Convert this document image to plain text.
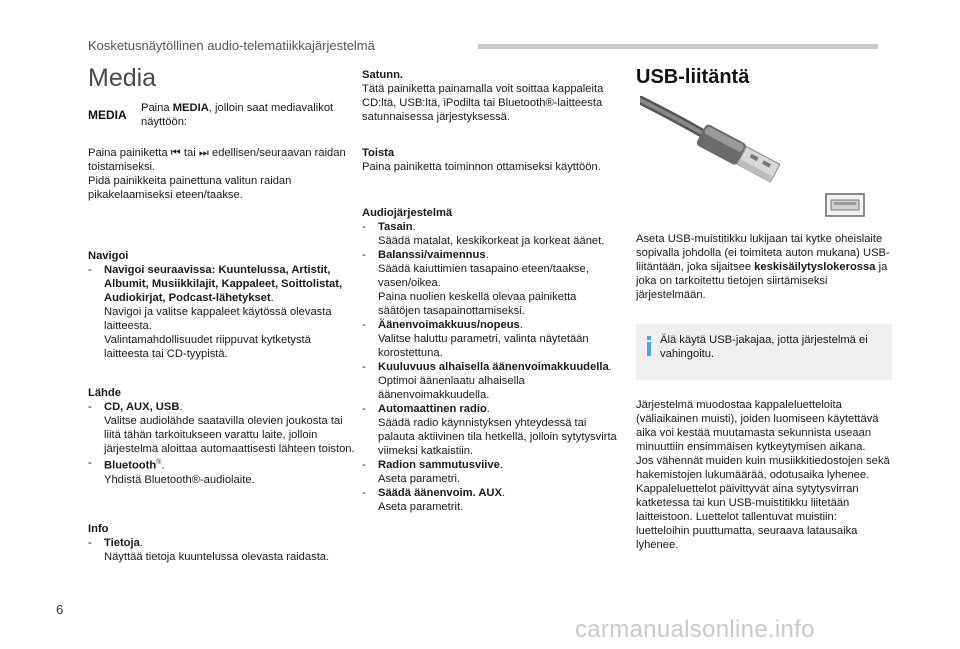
Kosketusnäytöllinen audio-telematiikkajärjestelmä
Media
MEDIA Paina MEDIA, jolloin saat mediavalikot näyttöön:

Paina painiketta ⏮ tai ⏭ edellisen/seuraavan raidan toistamiseksi.

Pidä painikkeita painettuna valitun raidan pikakelaamiseksi eteen/taakse.

Navigoi

- Navigoi seuraavissa: Kuuntelussa, Artistit, Albumit, Musiikkilajit, Kappaleet, Soittolistat, Audiokirjat, Podcast-lähetykset.

Navigoi ja valitse kappaleet käytössä olevasta laitteesta.

Valintamahdollisuudet riippuvat kytketystä laitteesta tai CD-tyypistä.

Lähde

- CD, AUX, USB.

Valitse audiolähde saatavilla olevien joukosta tai liitä tähän tarkoitukseen varattu laite, jolloin järjestelmä aloittaa automaattisesti lähteen toiston.

- Bluetooth®.

Yhdistä Bluetooth®-audiolaite.

Info

- Tietoja.

Näyttää tietoja kuuntelussa olevasta raidasta.

Satunn.

Tätä painiketta painamalla voit soittaa kappaleita CD:ltä, USB:ltä, iPodilta tai Bluetooth®-laitteesta satunnaisessa järjestyksessä.

Toista

Paina painiketta toiminnon ottamiseksi käyttöön.

Audiojärjestelmä

- Tasain.

Säädä matalat, keskikorkeat ja korkeat äänet.

- Balanssi/vaimennus.

Säädä kaiuttimien tasapaino eteen/taakse, vasen/oikea.

Paina nuolien keskellä olevaa painiketta säätöjen tasapainottamiseksi.

- Äänenvoimakkuus/nopeus.

Valitse haluttu parametri, valinta näytetään korostettuna.

- Kuuluvuus alhaisella äänenvoimakkuudella.

Optimoi äänenlaatu alhaisella äänenvoimakkuudella.

- Automaattinen radio.

Säädä radio käynnistyksen yhteydessä tai palauta aktiivinen tila hetkellä, jolloin sytytysvirta viimeksi katkaistiin.

- Radion sammutusviive.

Aseta parametri.

- Säädä äänenvoim. AUX.

Aseta parametrit.

USB-liitäntä
Aseta USB-muistitikku lukijaan tai kytke oheislaite sopivalla johdolla (ei toimiteta auton mukana) USB-liitäntään, joka sijaitsee keskisäilytyslokerossa ja joka on tarkoitettu tietojen siirtämiseksi järjestelmään.
Älä käytä USB-jakajaa, jotta järjestelmä ei vahingoitu.

Järjestelmä muodostaa kappaleluetteloita (väliaikainen muisti), joiden luomiseen käytettävä aika voi kestää muutamasta sekunnista useaan minuuttiin ensimmäisen kytkeytymisen aikana.

Jos vähennät muiden kuin musiikkitiedostojen sekä hakemistojen lukumäärää, odotusaika lyhenee.

Kappaleluettelot päivittyvät aina sytytysvirran katketessa tai kun USB-muistitikku liitetään laitteistoon. Luettelot tallentuvat muistiin: luetteloihin puuttumatta, seuraava latausaika lyhenee.

6
carmanualsonline.info
